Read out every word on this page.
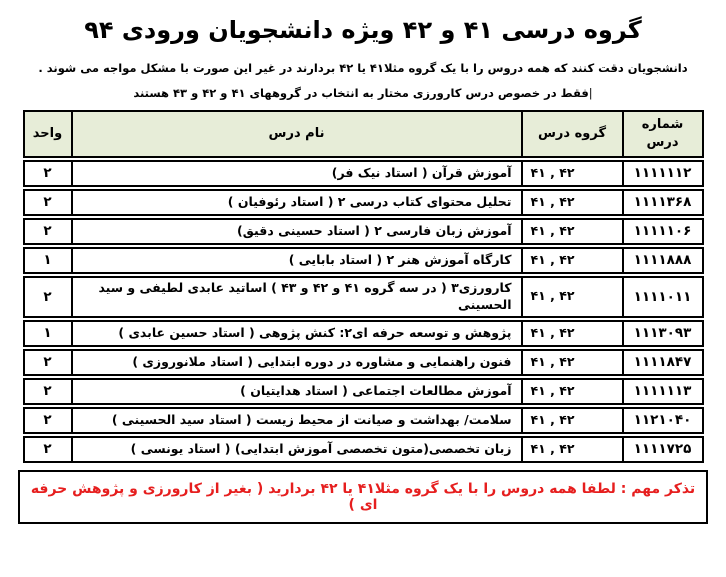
گروه درسی ۴۱ و ۴۲ ویژه دانشجویان ورودی ۹۴
دانشجویان دقت کنند که همه دروس را با یک گروه مثلا۴۱ یا ۴۲ بردارند در غیر این صورت با مشکل مواجه می شوند .
|فقط در خصوص درس کارورزی مختار به انتخاب در گروههای ۴۱ و ۴۲ و ۴۳ هستند
شماره درس
گروه درس
نام درس
واحد
۱۱۱۱۱۱۲
۴۱ , ۴۲
آموزش قرآن ( استاد نیک فر)
۲
۱۱۱۱۳۶۸
۴۱ , ۴۲
تحلیل محتوای کتاب درسی ۲ ( استاد رئوفیان )
۲
۱۱۱۱۱۰۶
۴۱ , ۴۲
آموزش زبان فارسی ۲ ( استاد حسینی دقیق)
۲
۱۱۱۱۸۸۸
۴۱ , ۴۲
کارگاه آموزش هنر ۲ ( استاد بابایی )
۱
۱۱۱۱۰۱۱
۴۱ , ۴۲
کارورزی۳ ( در سه گروه ۴۱ و ۴۲ و ۴۳ ) اساتید عابدی لطیفی و سید الحسینی
۲
۱۱۱۳۰۹۳
۴۱ , ۴۲
پژوهش و توسعه حرفه ای۲: کنش پژوهی ( استاد حسین عابدی )
۱
۱۱۱۱۸۴۷
۴۱ , ۴۲
فنون راهنمایی و مشاوره در دوره ابتدایی ( استاد ملانوروزی )
۲
۱۱۱۱۱۱۳
۴۱ , ۴۲
آموزش مطالعات اجتماعی ( استاد هدایتیان )
۲
۱۱۲۱۰۴۰
۴۱ , ۴۲
سلامت/ بهداشت و صیانت از محیط زیست ( استاد سید الحسینی )
۲
۱۱۱۱۷۲۵
۴۱ , ۴۲
زبان تخصصی(متون تخصصی آموزش ابتدایی) ( استاد یونسی )
۲
تذکر مهم : لطفا همه دروس را با یک گروه مثلا۴۱ یا ۴۲ بردارید ( بغیر از کارورزی و پژوهش حرفه ای )
